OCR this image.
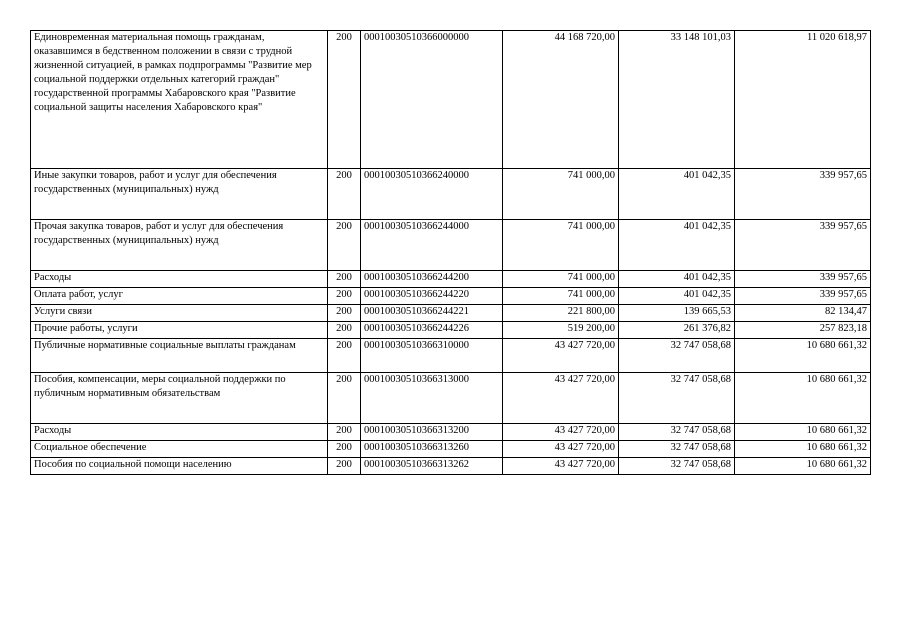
Единовременная материальная помощь гражданам, оказавшимся в бедственном положении в связи с трудной жизненной ситуацией, в рамках подпрограммы "Развитие мер социальной поддержки отдельных категорий граждан" государственной программы Хабаровского края "Развитие социальной защиты населения Хабаровского края"	200	00010030510366000000	44 168 720,00	33 148 101,03	11 020 618,97
Иные закупки товаров, работ и услуг для обеспечения государственных (муниципальных) нужд	200	00010030510366240000	741 000,00	401 042,35	339 957,65
Прочая закупка товаров, работ и услуг для обеспечения государственных (муниципальных) нужд	200	00010030510366244000	741 000,00	401 042,35	339 957,65
Расходы	200	00010030510366244200	741 000,00	401 042,35	339 957,65
Оплата работ, услуг	200	00010030510366244220	741 000,00	401 042,35	339 957,65
Услуги связи	200	00010030510366244221	221 800,00	139 665,53	82 134,47
Прочие работы, услуги	200	00010030510366244226	519 200,00	261 376,82	257 823,18
Публичные нормативные социальные выплаты гражданам	200	00010030510366310000	43 427 720,00	32 747 058,68	10 680 661,32
Пособия, компенсации, меры социальной поддержки по публичным нормативным обязательствам	200	00010030510366313000	43 427 720,00	32 747 058,68	10 680 661,32
Расходы	200	00010030510366313200	43 427 720,00	32 747 058,68	10 680 661,32
Социальное обеспечение	200	00010030510366313260	43 427 720,00	32 747 058,68	10 680 661,32
Пособия по социальной помощи населению	200	00010030510366313262	43 427 720,00	32 747 058,68	10 680 661,32
